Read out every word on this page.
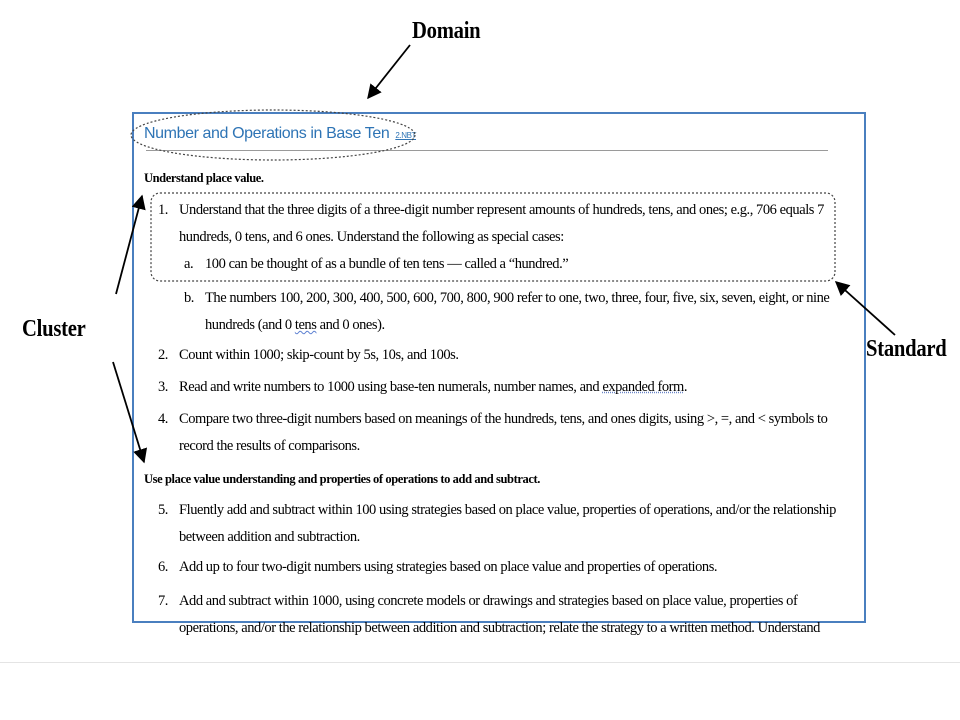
Domain
Cluster
Standard
Number and Operations in Base Ten 2.NBT
Understand place value.
1. Understand that the three digits of a three-digit number represent amounts of hundreds, tens, and ones; e.g., 706 equals 7 hundreds, 0 tens, and 6 ones. Understand the following as special cases:
a. 100 can be thought of as a bundle of ten tens — called a “hundred.”
b. The numbers 100, 200, 300, 400, 500, 600, 700, 800, 900 refer to one, two, three, four, five, six, seven, eight, or nine hundreds (and 0 tens and 0 ones).
2. Count within 1000; skip-count by 5s, 10s, and 100s.
3. Read and write numbers to 1000 using base-ten numerals, number names, and expanded form.
4. Compare two three-digit numbers based on meanings of the hundreds, tens, and ones digits, using >, =, and < symbols to record the results of comparisons.
Use place value understanding and properties of operations to add and subtract.
5. Fluently add and subtract within 100 using strategies based on place value, properties of operations, and/or the relationship between addition and subtraction.
6. Add up to four two-digit numbers using strategies based on place value and properties of operations.
7. Add and subtract within 1000, using concrete models or drawings and strategies based on place value, properties of operations, and/or the relationship between addition and subtraction; relate the strategy to a written method. Understand
